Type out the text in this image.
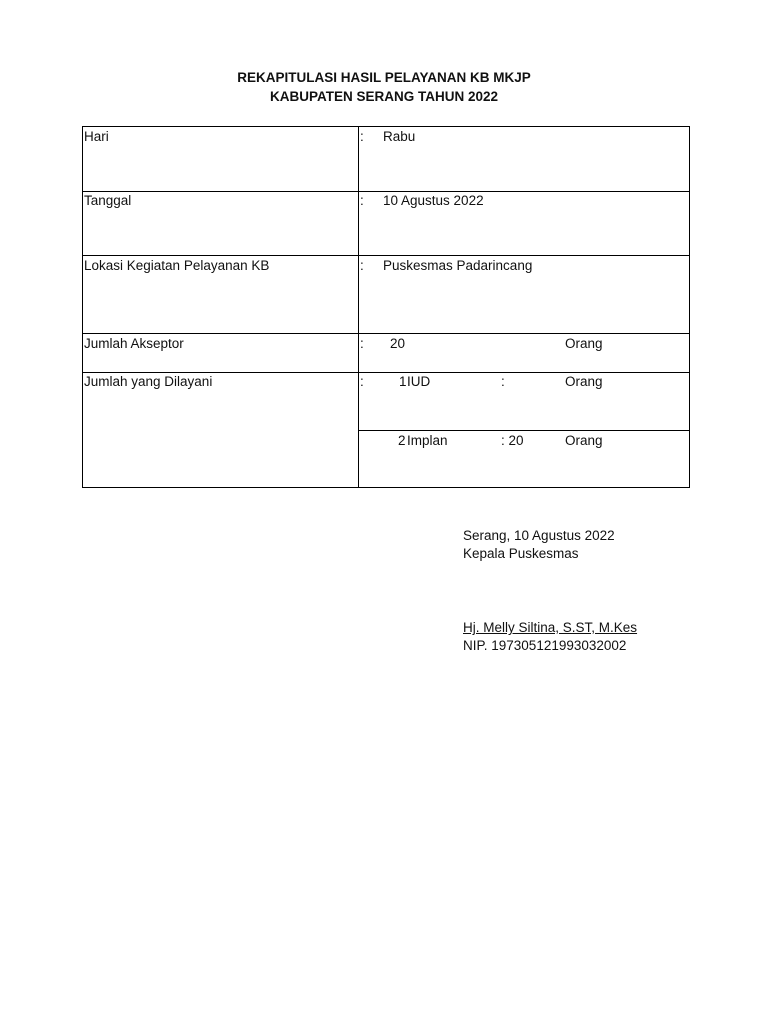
REKAPITULASI HASIL PELAYANAN KB MKJP
KABUPATEN SERANG TAHUN 2022
Hari	: Rabu
Tanggal	: 10 Agustus 2022
Lokasi Kegiatan Pelayanan KB	: Puskesmas Padarincang
Jumlah Akseptor	: 20	Orang
Jumlah yang Dilayani	:	1 IUD	:	Orang
2 Implan	: 20	Orang
Serang, 10 Agustus 2022
Kepala Puskesmas
Hj. Melly Siltina, S.ST, M.Kes
NIP. 197305121993032002
